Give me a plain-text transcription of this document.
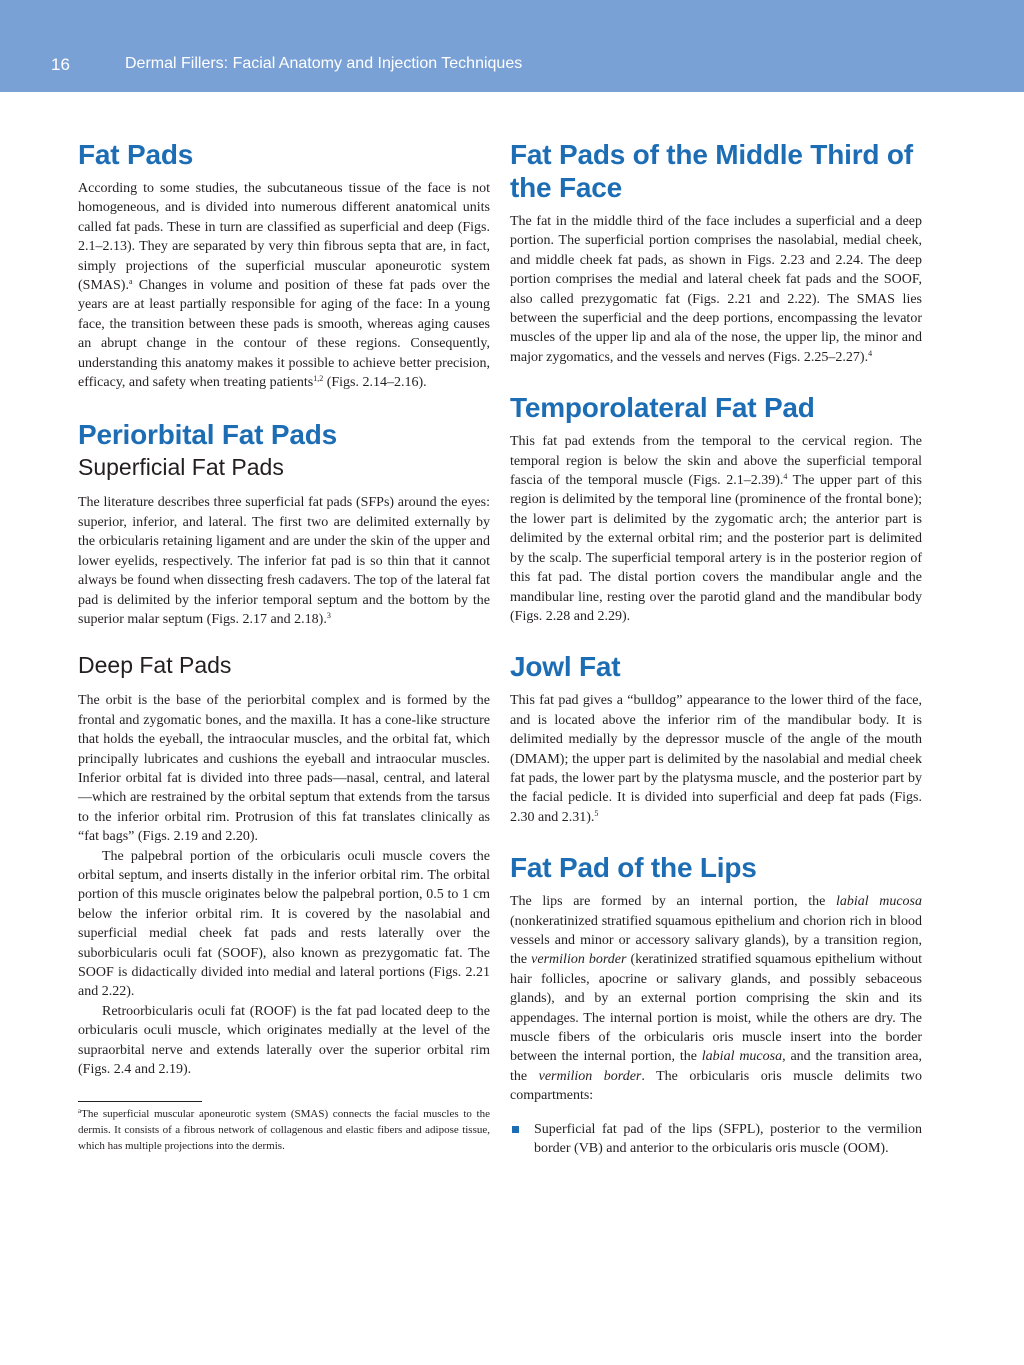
16	Dermal Fillers: Facial Anatomy and Injection Techniques
Fat Pads

According to some studies, the subcutaneous tissue of the face is not homogeneous, and is divided into numerous different anatomical units called fat pads. These in turn are classified as superficial and deep (Figs. 2.1–2.13). They are separated by very thin fibrous septa that are, in fact, simply projections of the superficial muscular aponeurotic system (SMAS).$^a$ Changes in volume and position of these fat pads over the years are at least partially responsible for aging of the face: In a young face, the transition between these pads is smooth, whereas aging causes an abrupt change in the contour of these regions. Consequently, understanding this anatomy makes it possible to achieve better precision, efficacy, and safety when treating patients$^{1,2}$ (Figs. 2.14–2.16).

Periorbital Fat Pads
Superficial Fat Pads

The literature describes three superficial fat pads (SFPs) around the eyes: superior, inferior, and lateral. The first two are delimited externally by the orbicularis retaining ligament and are under the skin of the upper and lower eyelids, respectively. The inferior fat pad is so thin that it cannot always be found when dissecting fresh cadavers. The top of the lateral fat pad is delimited by the inferior temporal septum and the bottom by the superior malar septum (Figs. 2.17 and 2.18).$^3$

Deep Fat Pads

The orbit is the base of the periorbital complex and is formed by the frontal and zygomatic bones, and the maxilla. It has a cone-like structure that holds the eyeball, the intraocular muscles, and the orbital fat, which principally lubricates and cushions the eyeball and intraocular muscles. Inferior orbital fat is divided into three pads—nasal, central, and lateral—which are restrained by the orbital septum that extends from the tarsus to the inferior orbital rim. Protrusion of this fat translates clinically as “fat bags” (Figs. 2.19 and 2.20).

The palpebral portion of the orbicularis oculi muscle covers the orbital septum, and inserts distally in the inferior orbital rim. The orbital portion of this muscle originates below the palpebral portion, 0.5 to 1 cm below the inferior orbital rim. It is covered by the nasolabial and superficial medial cheek fat pads and rests laterally over the suborbicularis oculi fat (SOOF), also known as prezygomatic fat. The SOOF is didactically divided into medial and lateral portions (Figs. 2.21 and 2.22).

Retroorbicularis oculi fat (ROOF) is the fat pad located deep to the orbicularis oculi muscle, which originates medially at the level of the supraorbital nerve and extends laterally over the superior orbital rim (Figs. 2.4 and 2.19).

$^a$The superficial muscular aponeurotic system (SMAS) connects the facial muscles to the dermis. It consists of a fibrous network of collagenous and elastic fibers and adipose tissue, which has multiple projections into the dermis.

Fat Pads of the Middle Third of the Face

The fat in the middle third of the face includes a superficial and a deep portion. The superficial portion comprises the nasolabial, medial cheek, and middle cheek fat pads, as shown in Figs. 2.23 and 2.24. The deep portion comprises the medial and lateral cheek fat pads and the SOOF, also called prezygomatic fat (Figs. 2.21 and 2.22). The SMAS lies between the superficial and the deep portions, encompassing the levator muscles of the upper lip and ala of the nose, the upper lip, the minor and major zygomatics, and the vessels and nerves (Figs. 2.25–2.27).$^4$

Temporolateral Fat Pad

This fat pad extends from the temporal to the cervical region. The temporal region is below the skin and above the superficial temporal fascia of the temporal muscle (Figs. 2.1–2.39).$^4$ The upper part of this region is delimited by the temporal line (prominence of the frontal bone); the lower part is delimited by the zygomatic arch; the anterior part is delimited by the external orbital rim; and the posterior part is delimited by the scalp. The superficial temporal artery is in the posterior region of this fat pad. The distal portion covers the mandibular angle and the mandibular line, resting over the parotid gland and the mandibular body (Figs. 2.28 and 2.29).

Jowl Fat

This fat pad gives a “bulldog” appearance to the lower third of the face, and is located above the inferior rim of the mandibular body. It is delimited medially by the depressor muscle of the angle of the mouth (DMAM); the upper part is delimited by the nasolabial and medial cheek fat pads, the lower part by the platysma muscle, and the posterior part by the facial pedicle. It is divided into superficial and deep fat pads (Figs. 2.30 and 2.31).$^5$

Fat Pad of the Lips

The lips are formed by an internal portion, the labial mucosa (nonkeratinized stratified squamous epithelium and chorion rich in blood vessels and minor or accessory salivary glands), by a transition region, the vermilion border (keratinized stratified squamous epithelium without hair follicles, apocrine or salivary glands, and possibly sebaceous glands), and by an external portion comprising the skin and its appendages. The internal portion is moist, while the others are dry. The muscle fibers of the orbicularis oris muscle insert into the border between the internal portion, the labial mucosa, and the transition area, the vermilion border. The orbicularis oris muscle delimits two compartments:

Superficial fat pad of the lips (SFPL), posterior to the vermilion border (VB) and anterior to the orbicularis oris muscle (OOM).
